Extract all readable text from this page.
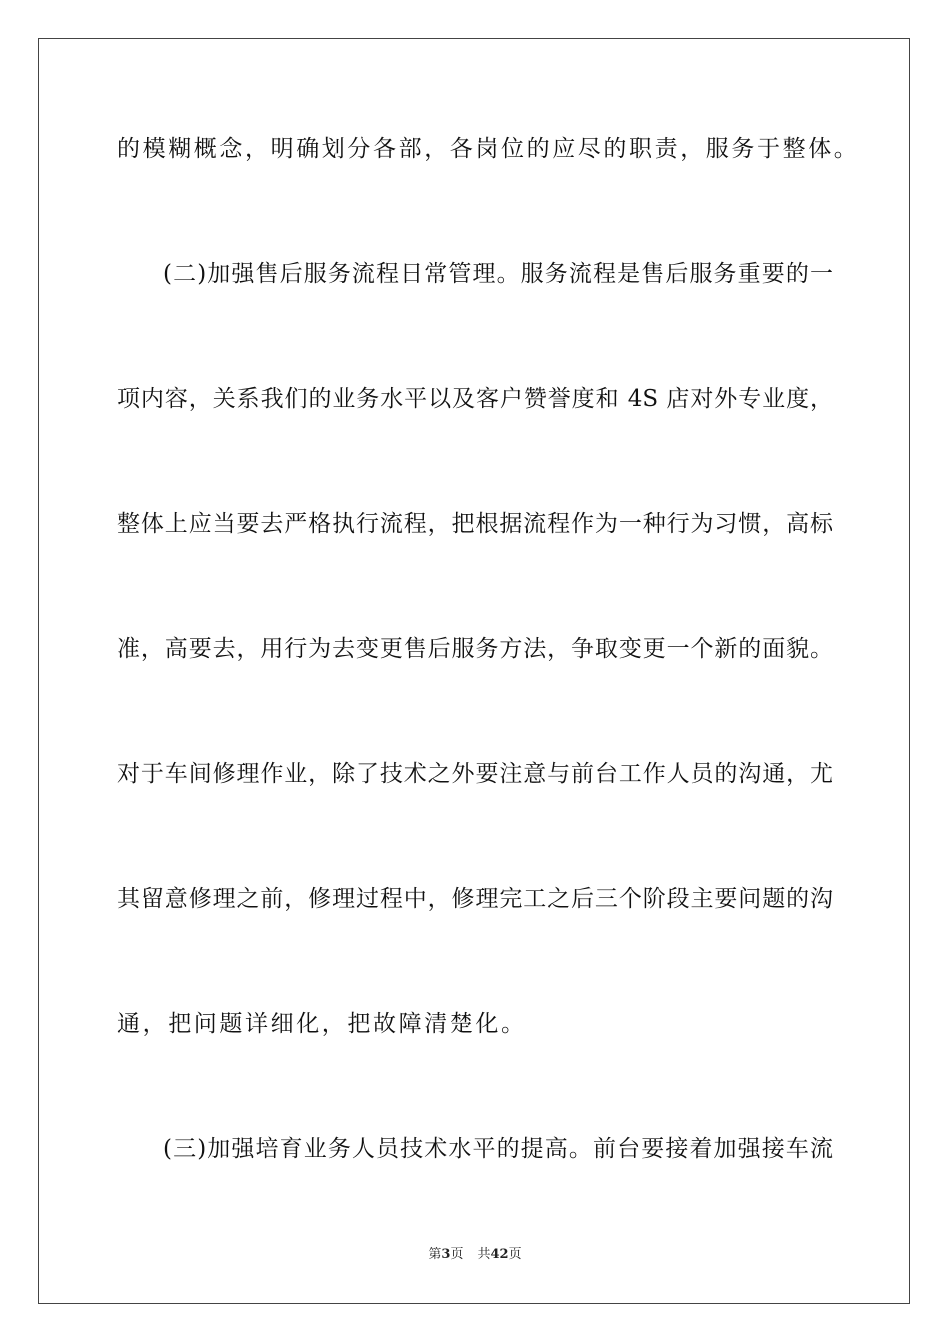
的模糊概念，明确划分各部，各岗位的应尽的职责，服务于整体。
(二)加强售后服务流程日常管理。服务流程是售后服务重要的一
项内容，关系我们的业务水平以及客户赞誉度和 4S 店对外专业度，
整体上应当要去严格执行流程，把根据流程作为一种行为习惯，高标
准，高要去，用行为去变更售后服务方法，争取变更一个新的面貌。
对于车间修理作业，除了技术之外要注意与前台工作人员的沟通，尤
其留意修理之前，修理过程中，修理完工之后三个阶段主要问题的沟
通，把问题详细化，把故障清楚化。
(三)加强培育业务人员技术水平的提高。前台要接着加强接车流
第3页 共42页
